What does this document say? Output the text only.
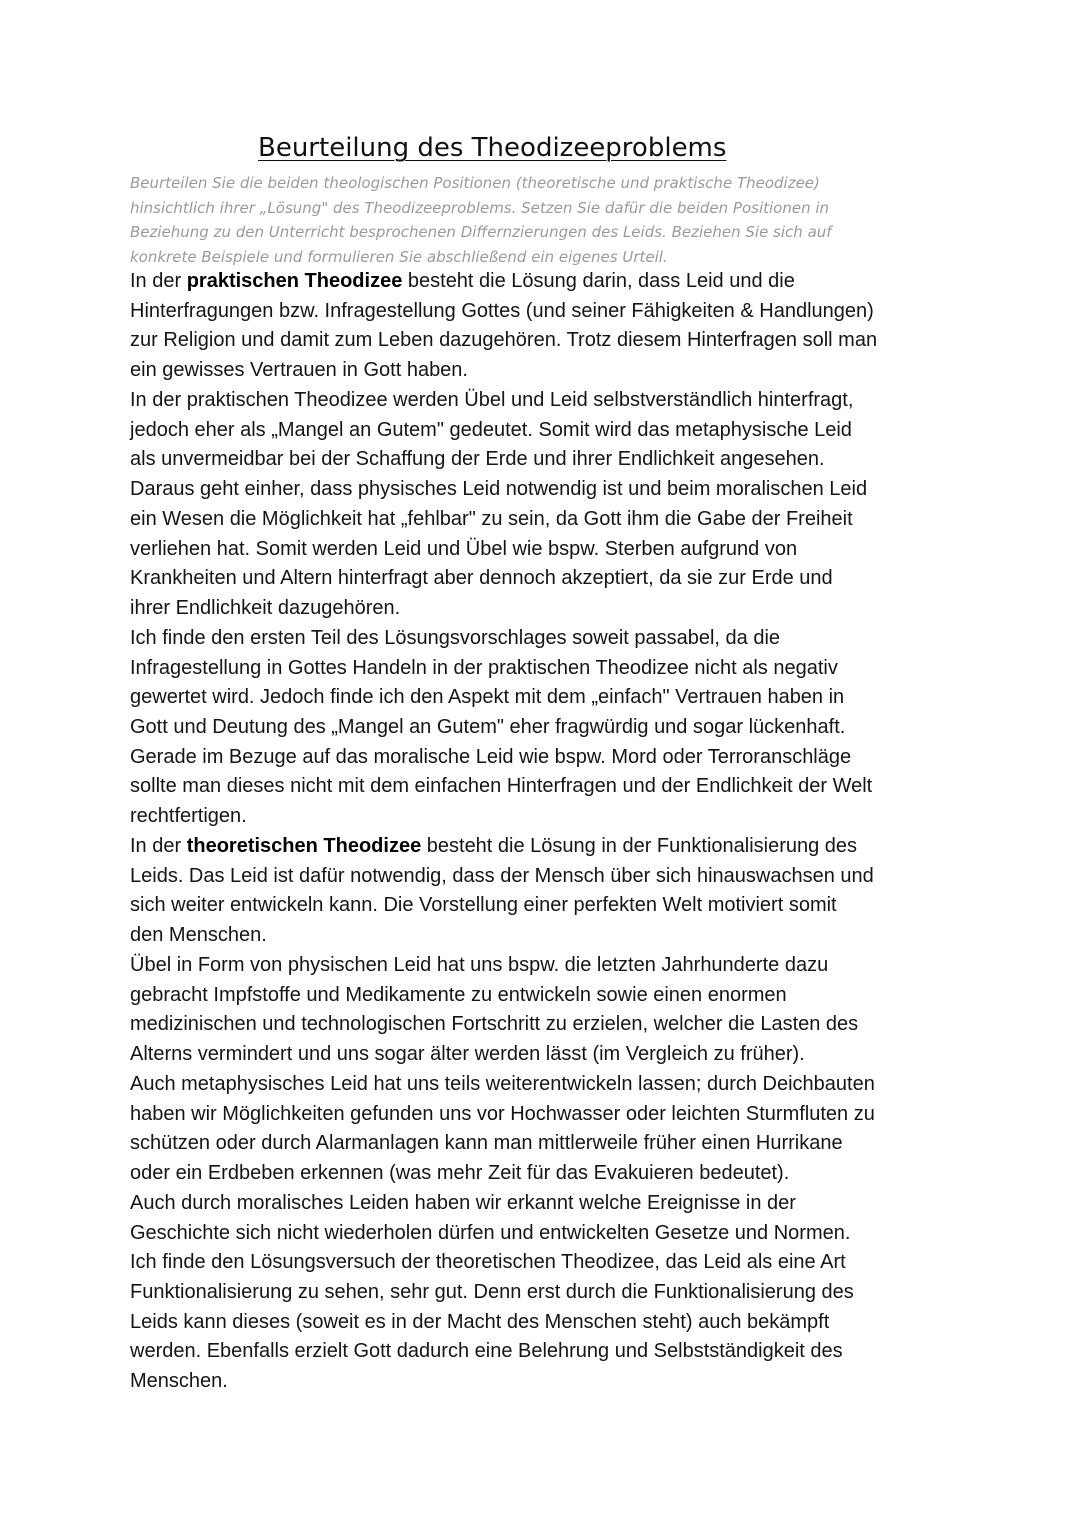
Beurteilung des Theodizeeproblems
Beurteilen Sie die beiden theologischen Positionen (theoretische und praktische Theodizee)
hinsichtlich ihrer „Lösung" des Theodizeeproblems. Setzen Sie dafür die beiden Positionen in
Beziehung zu den Unterricht besprochenen Differnzierungen des Leids. Beziehen Sie sich auf
konkrete Beispiele und formulieren Sie abschließend ein eigenes Urteil.
In der praktischen Theodizee besteht die Lösung darin, dass Leid und die
Hinterfragungen bzw. Infragestellung Gottes (und seiner Fähigkeiten & Handlungen)
zur Religion und damit zum Leben dazugehören. Trotz diesem Hinterfragen soll man
ein gewisses Vertrauen in Gott haben.
In der praktischen Theodizee werden Übel und Leid selbstverständlich hinterfragt,
jedoch eher als „Mangel an Gutem" gedeutet. Somit wird das metaphysische Leid
als unvermeidbar bei der Schaffung der Erde und ihrer Endlichkeit angesehen.
Daraus geht einher, dass physisches Leid notwendig ist und beim moralischen Leid
ein Wesen die Möglichkeit hat „fehlbar" zu sein, da Gott ihm die Gabe der Freiheit
verliehen hat. Somit werden Leid und Übel wie bspw. Sterben aufgrund von
Krankheiten und Altern hinterfragt aber dennoch akzeptiert, da sie zur Erde und
ihrer Endlichkeit dazugehören.
Ich finde den ersten Teil des Lösungsvorschlages soweit passabel, da die
Infragestellung in Gottes Handeln in der praktischen Theodizee nicht als negativ
gewertet wird. Jedoch finde ich den Aspekt mit dem „einfach" Vertrauen haben in
Gott und Deutung des „Mangel an Gutem" eher fragwürdig und sogar lückenhaft.
Gerade im Bezuge auf das moralische Leid wie bspw. Mord oder Terroranschläge
sollte man dieses nicht mit dem einfachen Hinterfragen und der Endlichkeit der Welt
rechtfertigen.
In der theoretischen Theodizee besteht die Lösung in der Funktionalisierung des
Leids. Das Leid ist dafür notwendig, dass der Mensch über sich hinauswachsen und
sich weiter entwickeln kann. Die Vorstellung einer perfekten Welt motiviert somit
den Menschen.
Übel in Form von physischen Leid hat uns bspw. die letzten Jahrhunderte dazu
gebracht Impfstoffe und Medikamente zu entwickeln sowie einen enormen
medizinischen und technologischen Fortschritt zu erzielen, welcher die Lasten des
Alterns vermindert und uns sogar älter werden lässt (im Vergleich zu früher).
Auch metaphysisches Leid hat uns teils weiterentwickeln lassen; durch Deichbauten
haben wir Möglichkeiten gefunden uns vor Hochwasser oder leichten Sturmfluten zu
schützen oder durch Alarmanlagen kann man mittlerweile früher einen Hurrikane
oder ein Erdbeben erkennen (was mehr Zeit für das Evakuieren bedeutet).
Auch durch moralisches Leiden haben wir erkannt welche Ereignisse in der
Geschichte sich nicht wiederholen dürfen und entwickelten Gesetze und Normen.
Ich finde den Lösungsversuch der theoretischen Theodizee, das Leid als eine Art
Funktionalisierung zu sehen, sehr gut. Denn erst durch die Funktionalisierung des
Leids kann dieses (soweit es in der Macht des Menschen steht) auch bekämpft
werden. Ebenfalls erzielt Gott dadurch eine Belehrung und Selbstständigkeit des
Menschen.
